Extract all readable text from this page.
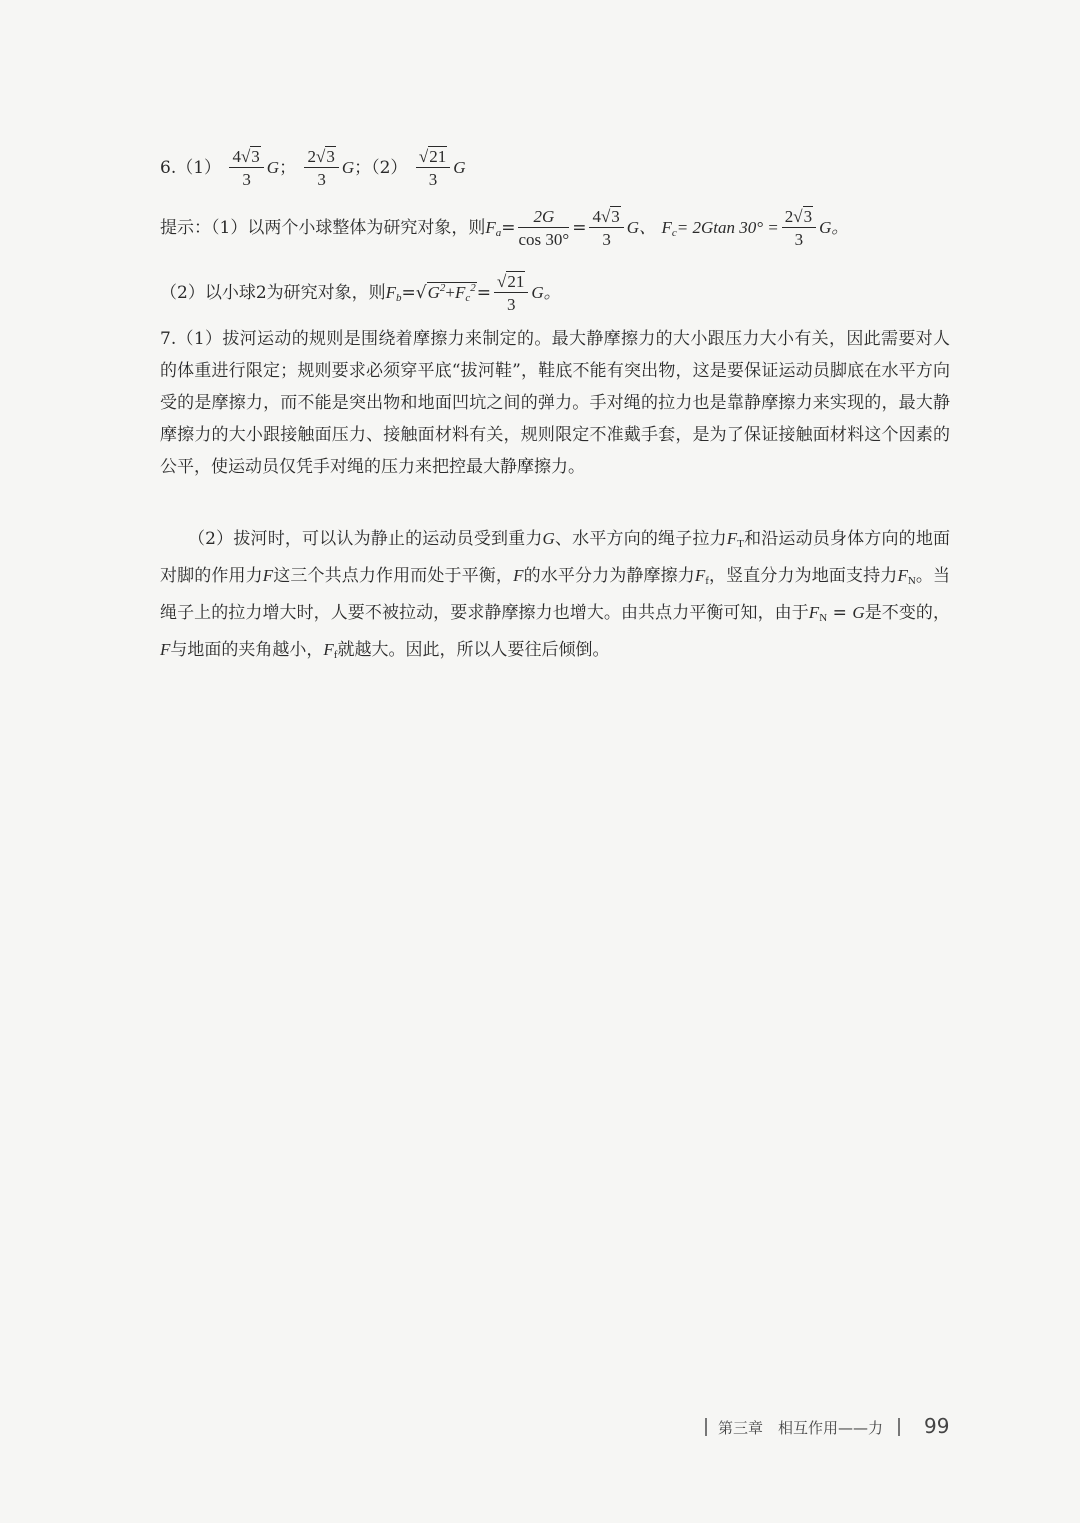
$6.(1) \frac{4√3}{3}$ G； $\frac{2√3}{3}$ G；$(2) \frac{√21}{3}$ G
提示：（1）以两个小球整体为研究对象，则$F_a= \frac{2G}{\cos 30^\circ} = \frac{4√3}{3}$ G、 $F_c= 2Gtan$ $30^\circ = \frac{2√3}{3}$ G。
（2）以小球2为研究对象，则$F_b=√G^2+F_c^2= \frac{√21}{3}$ G。
7.（1）拔河运动的规则是围绕着摩擦力来制定的。最大静摩擦力的大小跟压力大小有关，因此需要对人的体重进行限定；规则要求必须穿平底“拔河鞋”，鞋底不能有突出物，这是要保证运动员脚底在水平方向受的是摩擦力，而不能是突出物和地面凹坑之间的弹力。手对绳的拉力也是靠静摩擦力来实现的，最大静摩擦力的大小跟接触面压力、接触面材料有关，规则限定不准戴手套，是为了保证接触面材料这个因素的公平，使运动员仅凭手对绳的压力来把控最大静摩擦力。
（2）拔河时，可以认为静止的运动员受到重力G、水平方向的绳子拉力$F_T$和沿运动员身体方向的地面对脚的作用力F这三个共点力作用而处于平衡，F的水平分力为静摩擦力$F_f$，竖直分力为地面支持力$F_N$。当绳子上的拉力增大时，人要不被拉动，要求静摩擦力也增大。由共点力平衡可知，由于$F_N = G$是不变的，F与地面的夹角越小，$F_f$就越大。因此，所以人要往后倾倒。
第三章　相互作用——力 99
